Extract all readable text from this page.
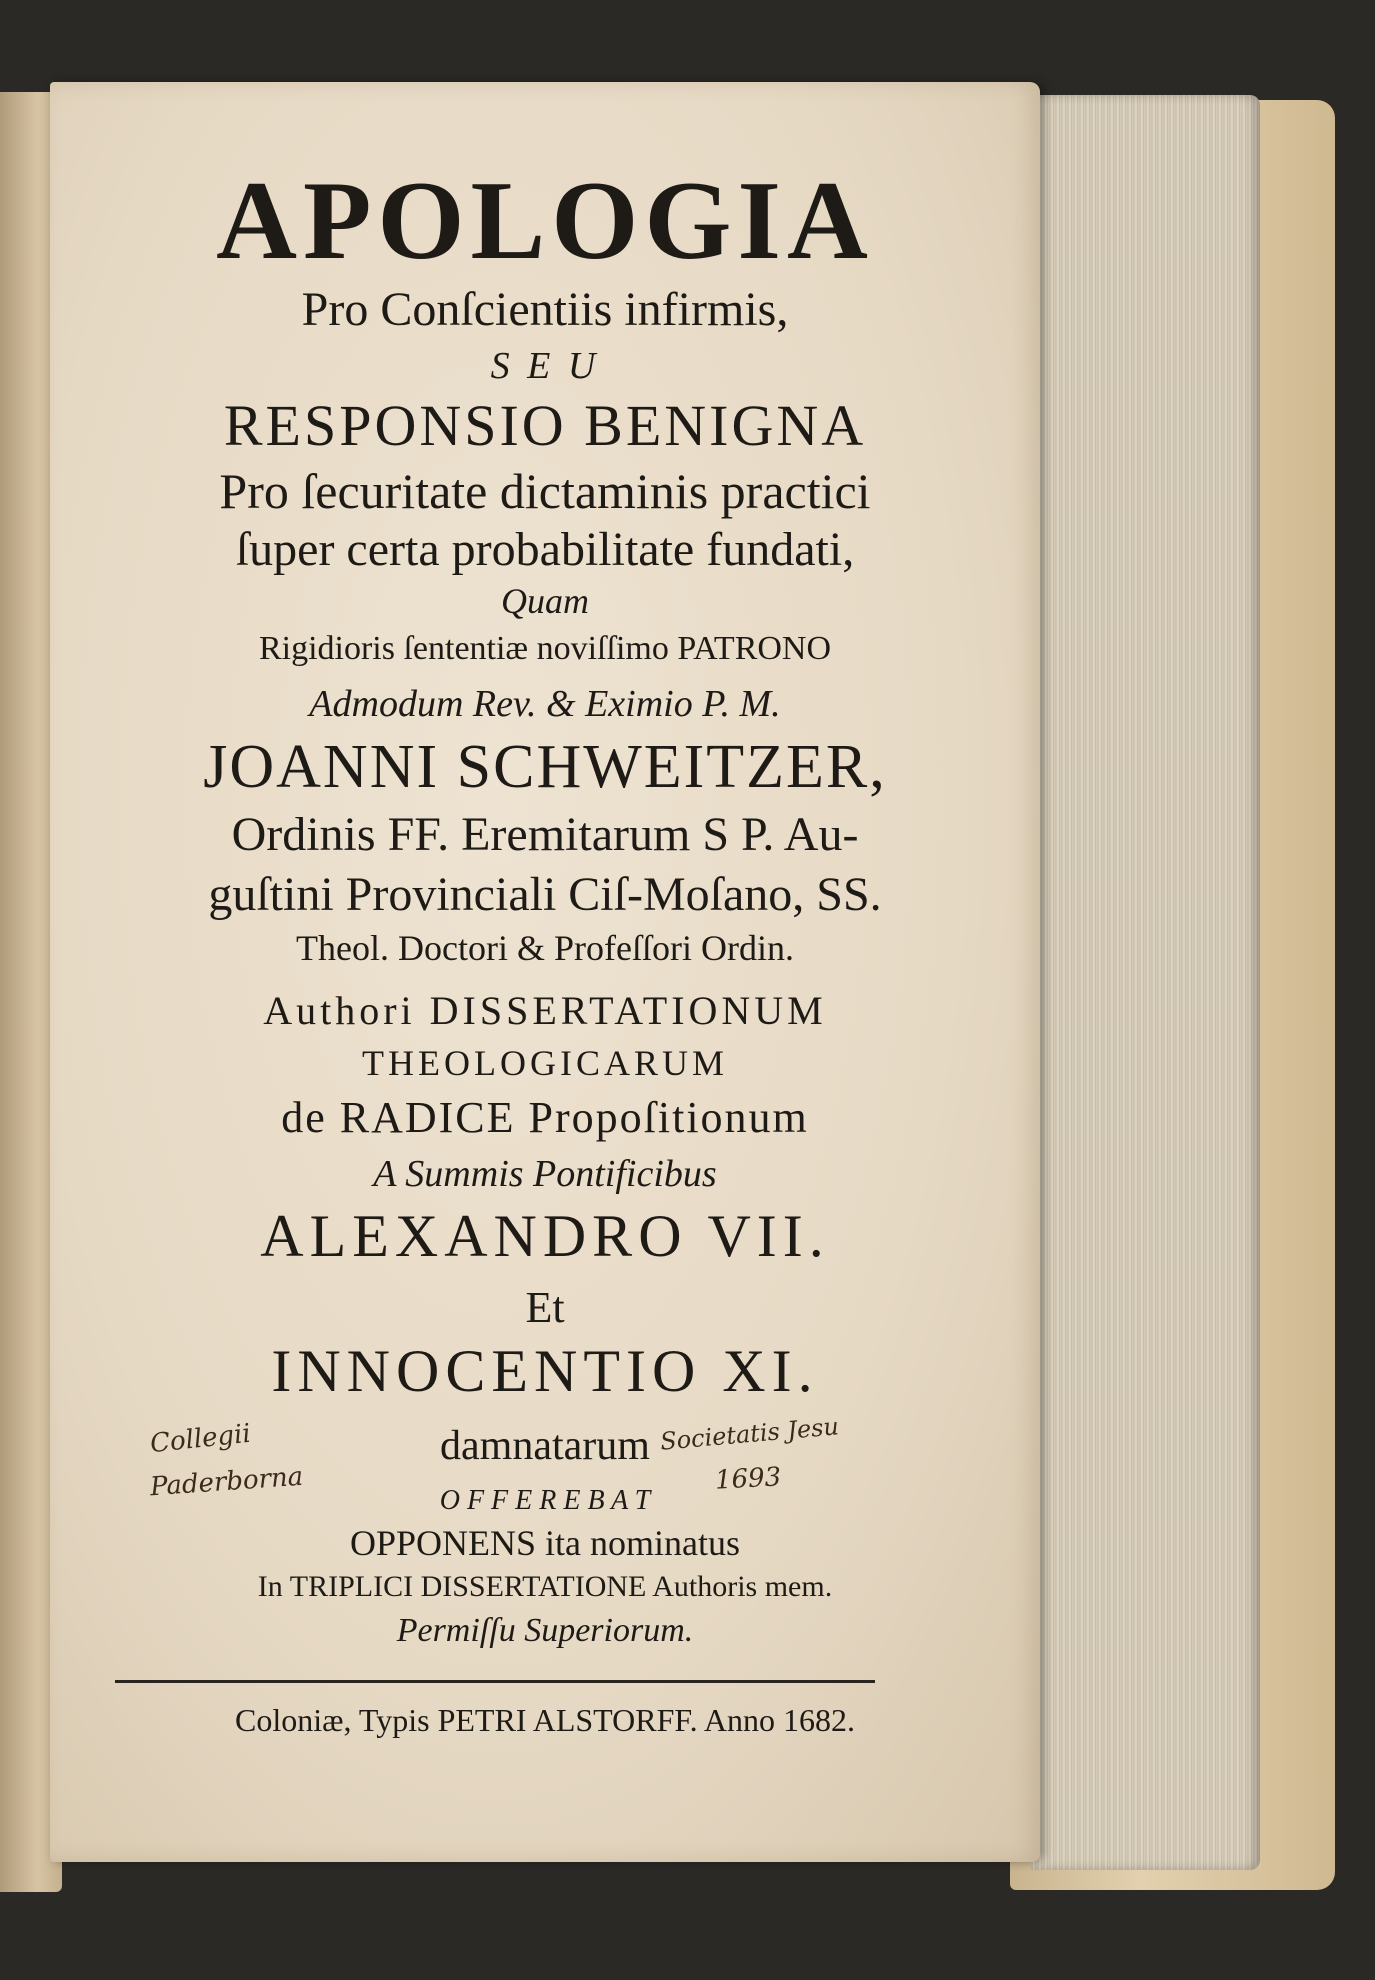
APOLOGIA
Pro Conſcientiis infirmis,
S E U
RESPONSIO BENIGNA
Pro ſecuritate dictaminis practici
ſuper certa probabilitate fundati,
Quam
Rigidioris ſententiæ noviſſimo PATRONO
Admodum Rev. & Eximio P. M.
JOANNI SCHWEITZER,
Ordinis FF. Eremitarum S P. Au-
guſtini Provinciali Ciſ-Moſano, SS.
Theol. Doctori & Profeſſori Ordin.
Authori DISSERTATIONUM
THEOLOGICARUM
de RADICE Propoſitionum
A Summis Pontificibus
ALEXANDRO VII.
Et
INNOCENTIO XI.
damnatarum
O F F E R E B A T
OPPONENS ita nominatus
In TRIPLICI DISSERTATIONE Authoris mem.
Permiſſu Superiorum.
Coloniæ, Typis PETRI ALSTORFF. Anno 1682.
Collegii
Paderborna
Societatis Jesu
1693
